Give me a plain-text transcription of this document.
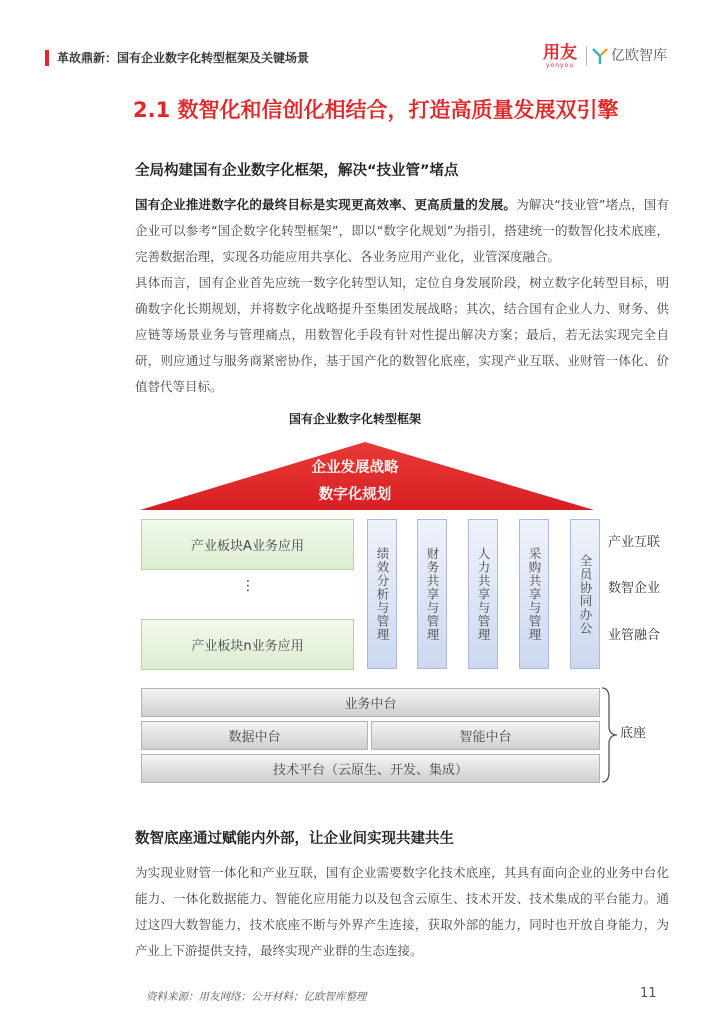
革故鼎新：国有企业数字化转型框架及关键场景	用友
yonyou
亿欧智库
2.1 数智化和信创化相结合，打造高质量发展双引擎
全局构建国有企业数字化框架，解决“技业管”堵点
国有企业推进数字化的最终目标是实现更高效率、更高质量的发展。为解决“技业管”堵点，国有企业可以参考“国企数字化转型框架”，即以“数字化规划”为指引，搭建统一的数智化技术底座，完善数据治理，实现各功能应用共享化、各业务应用产业化，业管深度融合。
具体而言，国有企业首先应统一数字化转型认知，定位自身发展阶段，树立数字化转型目标，明确数字化长期规划，并将数字化战略提升至集团发展战略；其次，结合国有企业人力、财务、供应链等场景业务与管理痛点，用数智化手段有针对性提出解决方案；最后，若无法实现完全自研，则应通过与服务商紧密协作，基于国产化的数智化底座，实现产业互联、业财管一体化、价值替代等目标。
国有企业数字化转型框架
企业发展战略
数字化规划
产业板块A业务应用
⋮
产业板块n业务应用
绩效分析与管理	财务共享与管理	人力共享与管理	采购共享与管理	全员协同办公
产业互联
数智企业
业管融合
业务中台
数据中台	智能中台
技术平台（云原生、开发、集成）
底座
数智底座通过赋能内外部，让企业间实现共建共生
为实现业财管一体化和产业互联，国有企业需要数字化技术底座，其具有面向企业的业务中台化能力、一体化数据能力、智能化应用能力以及包含云原生、技术开发、技术集成的平台能力。通过这四大数智能力，技术底座不断与外界产生连接，获取外部的能力，同时也开放自身能力，为产业上下游提供支持，最终实现产业群的生态连接。
资料来源：用友网络；公开材料；亿欧智库整理	11
